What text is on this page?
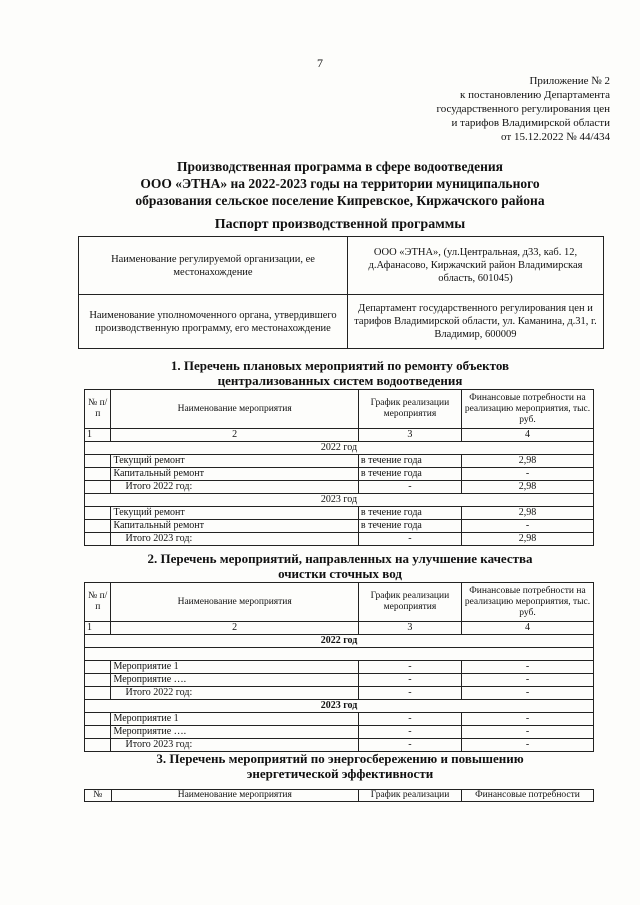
7
Приложение № 2
к постановлению Департамента
государственного регулирования цен
и тарифов Владимирской области
от 15.12.2022 № 44/434
Производственная программа в сфере водоотведения
ООО «ЭТНА» на 2022-2023 годы на территории муниципального
образования сельское поселение Кипревское, Киржачского района
Паспорт производственной программы
Наименование регулируемой организации, ее местонахождение	ООО «ЭТНА», (ул.Центральная, д33, каб. 12, д.Афанасово, Киржачский район Владимирская область, 601045)
Наименование уполномоченного органа, утвердившего производственную программу, его местонахождение	Департамент государственного регулирования цен и тарифов Владимирской области, ул. Каманина, д.31, г. Владимир, 600009
1. Перечень плановых мероприятий по ремонту объектов
централизованных систем водоотведения
№ п/п	Наименование мероприятия	График реализации мероприятия	Финансовые потребности на реализацию мероприятия, тыс. руб.
1	2	3	4
2022 год			
	Текущий ремонт	в течение года	2,98
	Капитальный ремонт	в течение года	-
	Итого 2022 год:	-	2,98
2023 год			
	Текущий ремонт	в течение года	2,98
	Капитальный ремонт	в течение года	-
	Итого 2023 год:	-	2,98
2. Перечень мероприятий, направленных на улучшение качества
очистки сточных вод
№ п/п	Наименование мероприятия	График реализации мероприятия	Финансовые потребности на реализацию мероприятия, тыс. руб.
1	2	3	4
2022 год			

	Мероприятие 1	-	-
	Мероприятие ….	-	-
	Итого 2022 год:	-	-
2023 год			
	Мероприятие 1	-	-
	Мероприятие ….	-	-
	Итого 2023 год:	-	-
3. Перечень мероприятий по энергосбережению и повышению
энергетической эффективности
№	Наименование мероприятия	График реализации	Финансовые потребности
